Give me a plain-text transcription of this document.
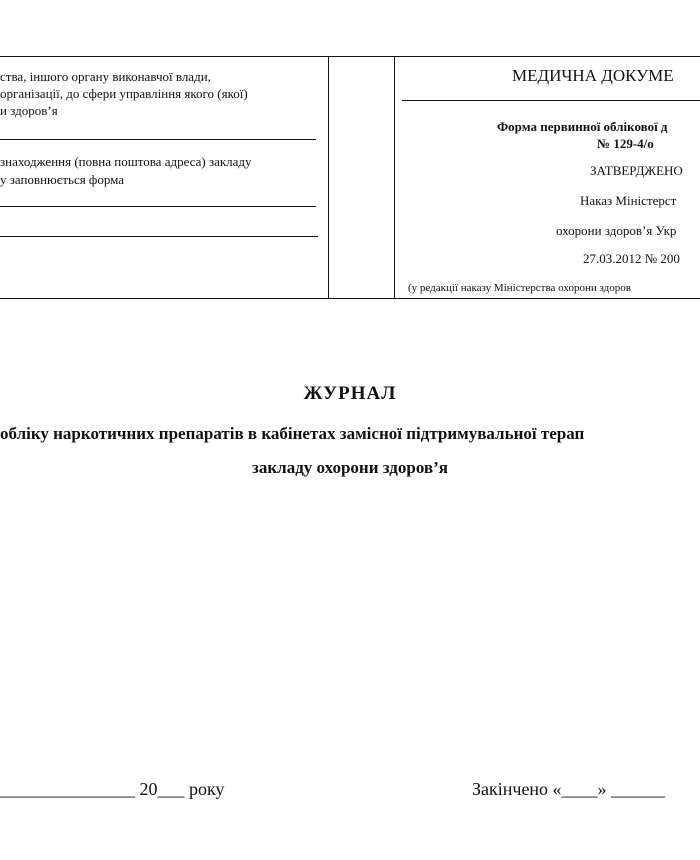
ства, іншого органу виконавчої влади,
організації, до сфери управління якого (якої)
и здоров’я
знаходження (повна поштова адреса) закладу
у заповнюється форма
МЕДИЧНА ДОКУМЕ
Форма первинної облікової д
№ 129-4/о
ЗАТВЕРДЖЕНО
Наказ Міністерст
охорони здоров’я Укр
27.03.2012 № 200
(у редакції наказу Міністерства охорони здоров
ЖУРНАЛ
обліку наркотичних препаратів в кабінетах замісної підтримувальної терап
закладу охорони здоров’я
_______________ 20___ року	Закінчено «____» ______
